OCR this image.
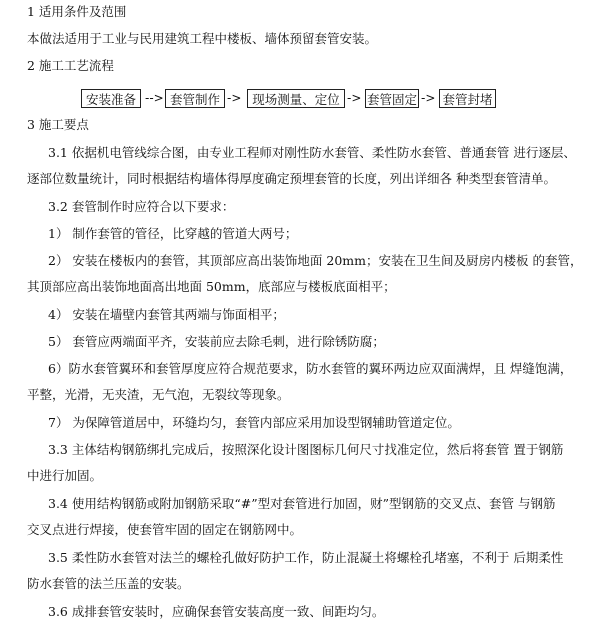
1 适用条件及范围
本做法适用于工业与民用建筑工程中楼板、墙体预留套管安装。
2 施工工艺流程
安装准备 --> 套管制作 -> 现场测量、定位 -> 套管固定 -> 套管封堵
3 施工要点
3.1 依据机电管线综合图，由专业工程师对刚性防水套管、柔性防水套管、普通套管 进行逐层、
逐部位数量统计，同时根据结构墙体得厚度确定预埋套管的长度，列出详细各 种类型套管清单。
3.2 套管制作时应符合以下要求：
1） 制作套管的管径，比穿越的管道大两号；
2） 安装在楼板内的套管，其顶部应高出装饰地面 20mm；安装在卫生间及厨房内楼板 的套管，
其顶部应高出装饰地面高出地面 50mm，底部应与楼板底面相平；
4） 安装在墙壁内套管其两端与饰面相平；
5） 套管应两端面平齐，安装前应去除毛刺，进行除锈防腐；
6）防水套管翼环和套管厚度应符合规范要求，防水套管的翼环两边应双面满焊，且 焊缝饱满，
平整，光滑，无夹渣，无气泡，无裂纹等现象。
7） 为保障管道居中，环缝均匀，套管内部应采用加设型钢辅助管道定位。
3.3 主体结构钢筋绑扎完成后，按照深化设计图图标几何尺寸找准定位，然后将套管 置于钢筋
中进行加固。
3.4 使用结构钢筋或附加钢筋采取“#”型对套管进行加固，财”型钢筋的交叉点、套管 与钢筋
交叉点进行焊接，使套管牢固的固定在钢筋网中。
3.5 柔性防水套管对法兰的螺栓孔做好防护工作，防止混凝土将螺栓孔堵塞，不利于 后期柔性
防水套管的法兰压盖的安装。
3.6 成排套管安装时，应确保套管安装高度一致、间距均匀。
